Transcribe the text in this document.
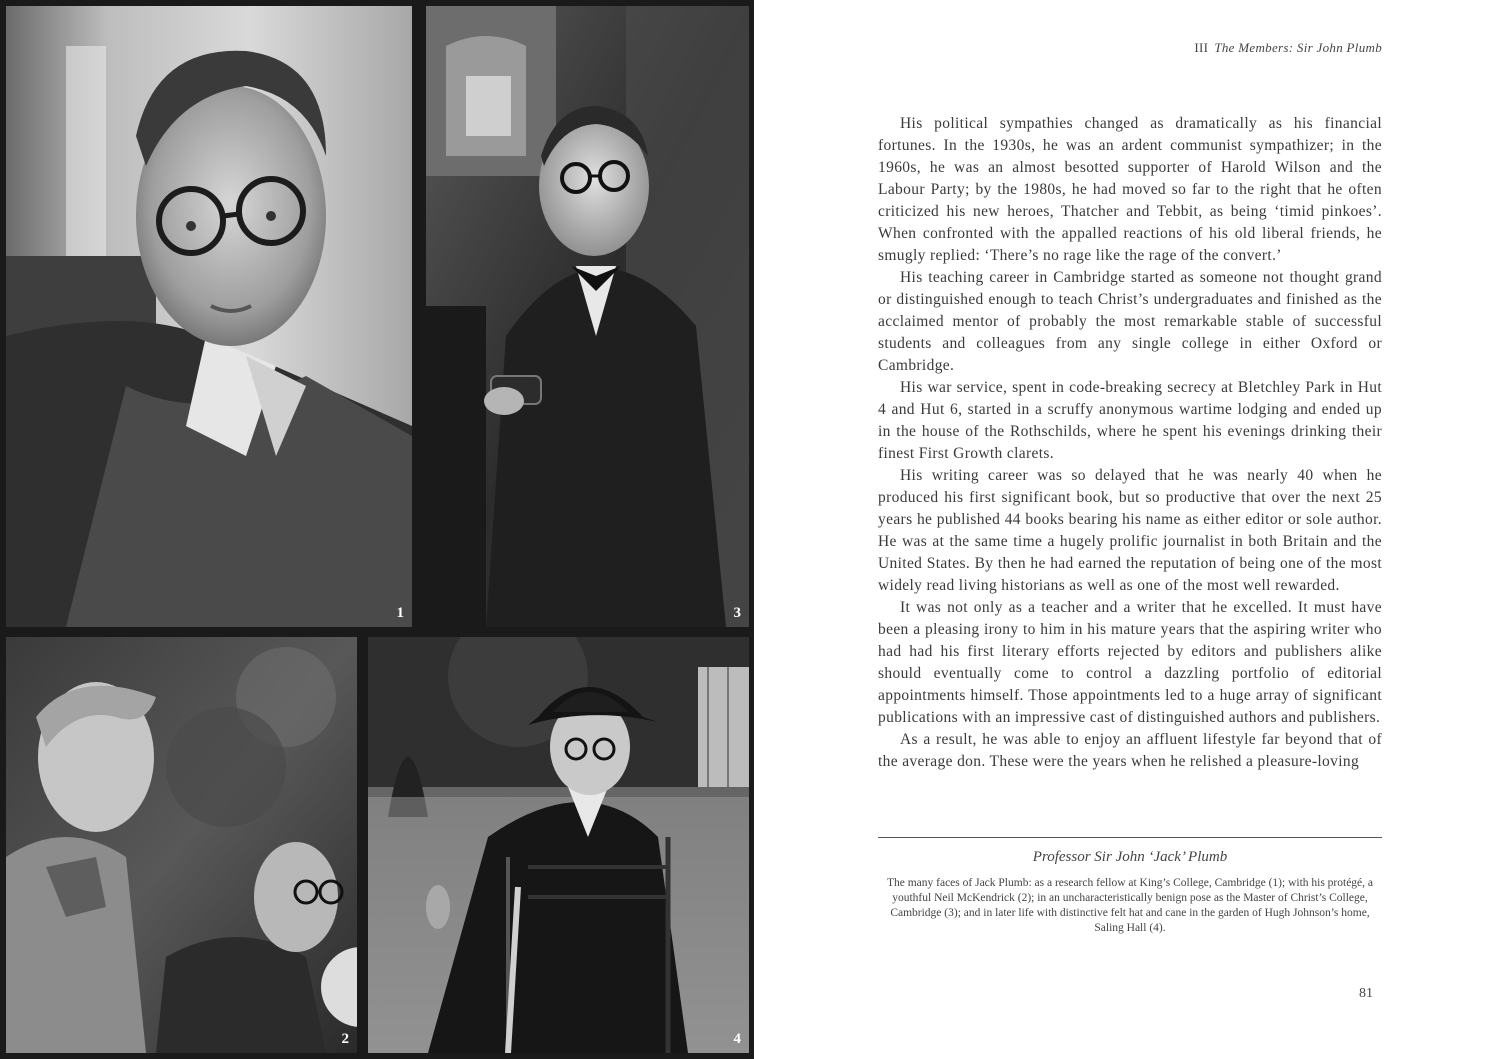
1	3
2	4
III The Members: Sir John Plumb

His political sympathies changed as dramatically as his financial fortunes. In the 1930s, he was an ardent communist sympathizer; in the 1960s, he was an almost besotted supporter of Harold Wilson and the Labour Party; by the 1980s, he had moved so far to the right that he often criticized his new heroes, Thatcher and Tebbit, as being ‘timid pinkoes’. When confronted with the appalled reactions of his old liberal friends, he smugly replied: ‘There’s no rage like the rage of the convert.’

His teaching career in Cambridge started as someone not thought grand or distinguished enough to teach Christ’s undergraduates and finished as the acclaimed mentor of probably the most remarkable stable of successful students and colleagues from any single college in either Oxford or Cambridge.

His war service, spent in code-breaking secrecy at Bletchley Park in Hut 4 and Hut 6, started in a scruffy anonymous wartime lodging and ended up in the house of the Rothschilds, where he spent his evenings drinking their finest First Growth clarets.

His writing career was so delayed that he was nearly 40 when he produced his first significant book, but so productive that over the next 25 years he published 44 books bearing his name as either editor or sole author. He was at the same time a hugely prolific journalist in both Britain and the United States. By then he had earned the reputation of being one of the most widely read living historians as well as one of the most well rewarded.

It was not only as a teacher and a writer that he excelled. It must have been a pleasing irony to him in his mature years that the aspiring writer who had had his first literary efforts rejected by editors and publishers alike should eventually come to control a dazzling portfolio of editorial appointments himself. Those appointments led to a huge array of significant publications with an impressive cast of distinguished authors and publishers.

As a result, he was able to enjoy an affluent lifestyle far beyond that of the average don. These were the years when he relished a pleasure-loving

Professor Sir John ‘Jack’ Plumb
The many faces of Jack Plumb: as a research fellow at King’s College, Cambridge (1); with his protégé, a youthful Neil McKendrick (2); in an uncharacteristically benign pose as the Master of Christ’s College, Cambridge (3); and in later life with distinctive felt hat and cane in the garden of Hugh Johnson’s home, Saling Hall (4).
81
